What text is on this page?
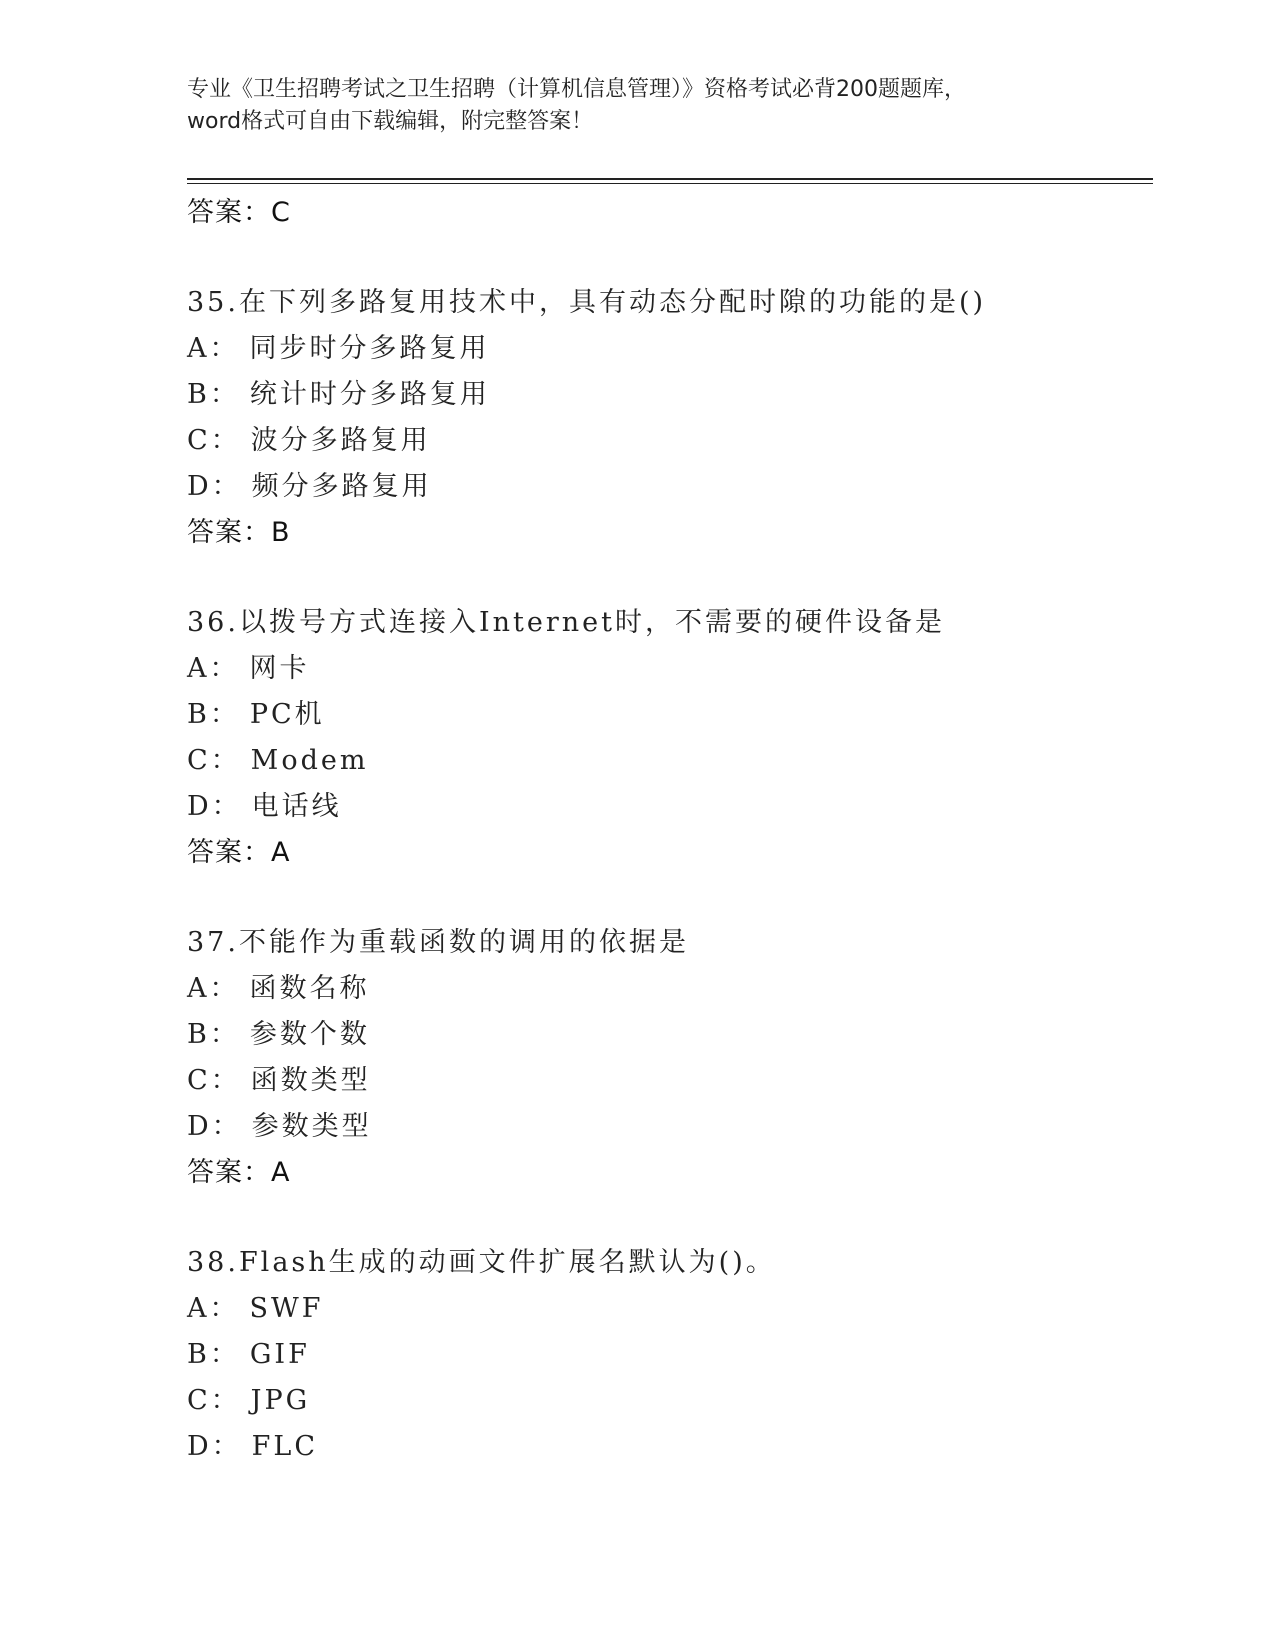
专业《卫生招聘考试之卫生招聘（计算机信息管理）》资格考试必背200题题库，
word格式可自由下载编辑，附完整答案！
答案：C
35.在下列多路复用技术中，具有动态分配时隙的功能的是()
A： 同步时分多路复用
B： 统计时分多路复用
C： 波分多路复用
D： 频分多路复用
答案：B
36.以拨号方式连接入Internet时，不需要的硬件设备是
A： 网卡
B： PC机
C： Modem
D： 电话线
答案：A
37.不能作为重载函数的调用的依据是
A： 函数名称
B： 参数个数
C： 函数类型
D： 参数类型
答案：A
38.Flash生成的动画文件扩展名默认为()。
A： SWF
B： GIF
C： JPG
D： FLC
